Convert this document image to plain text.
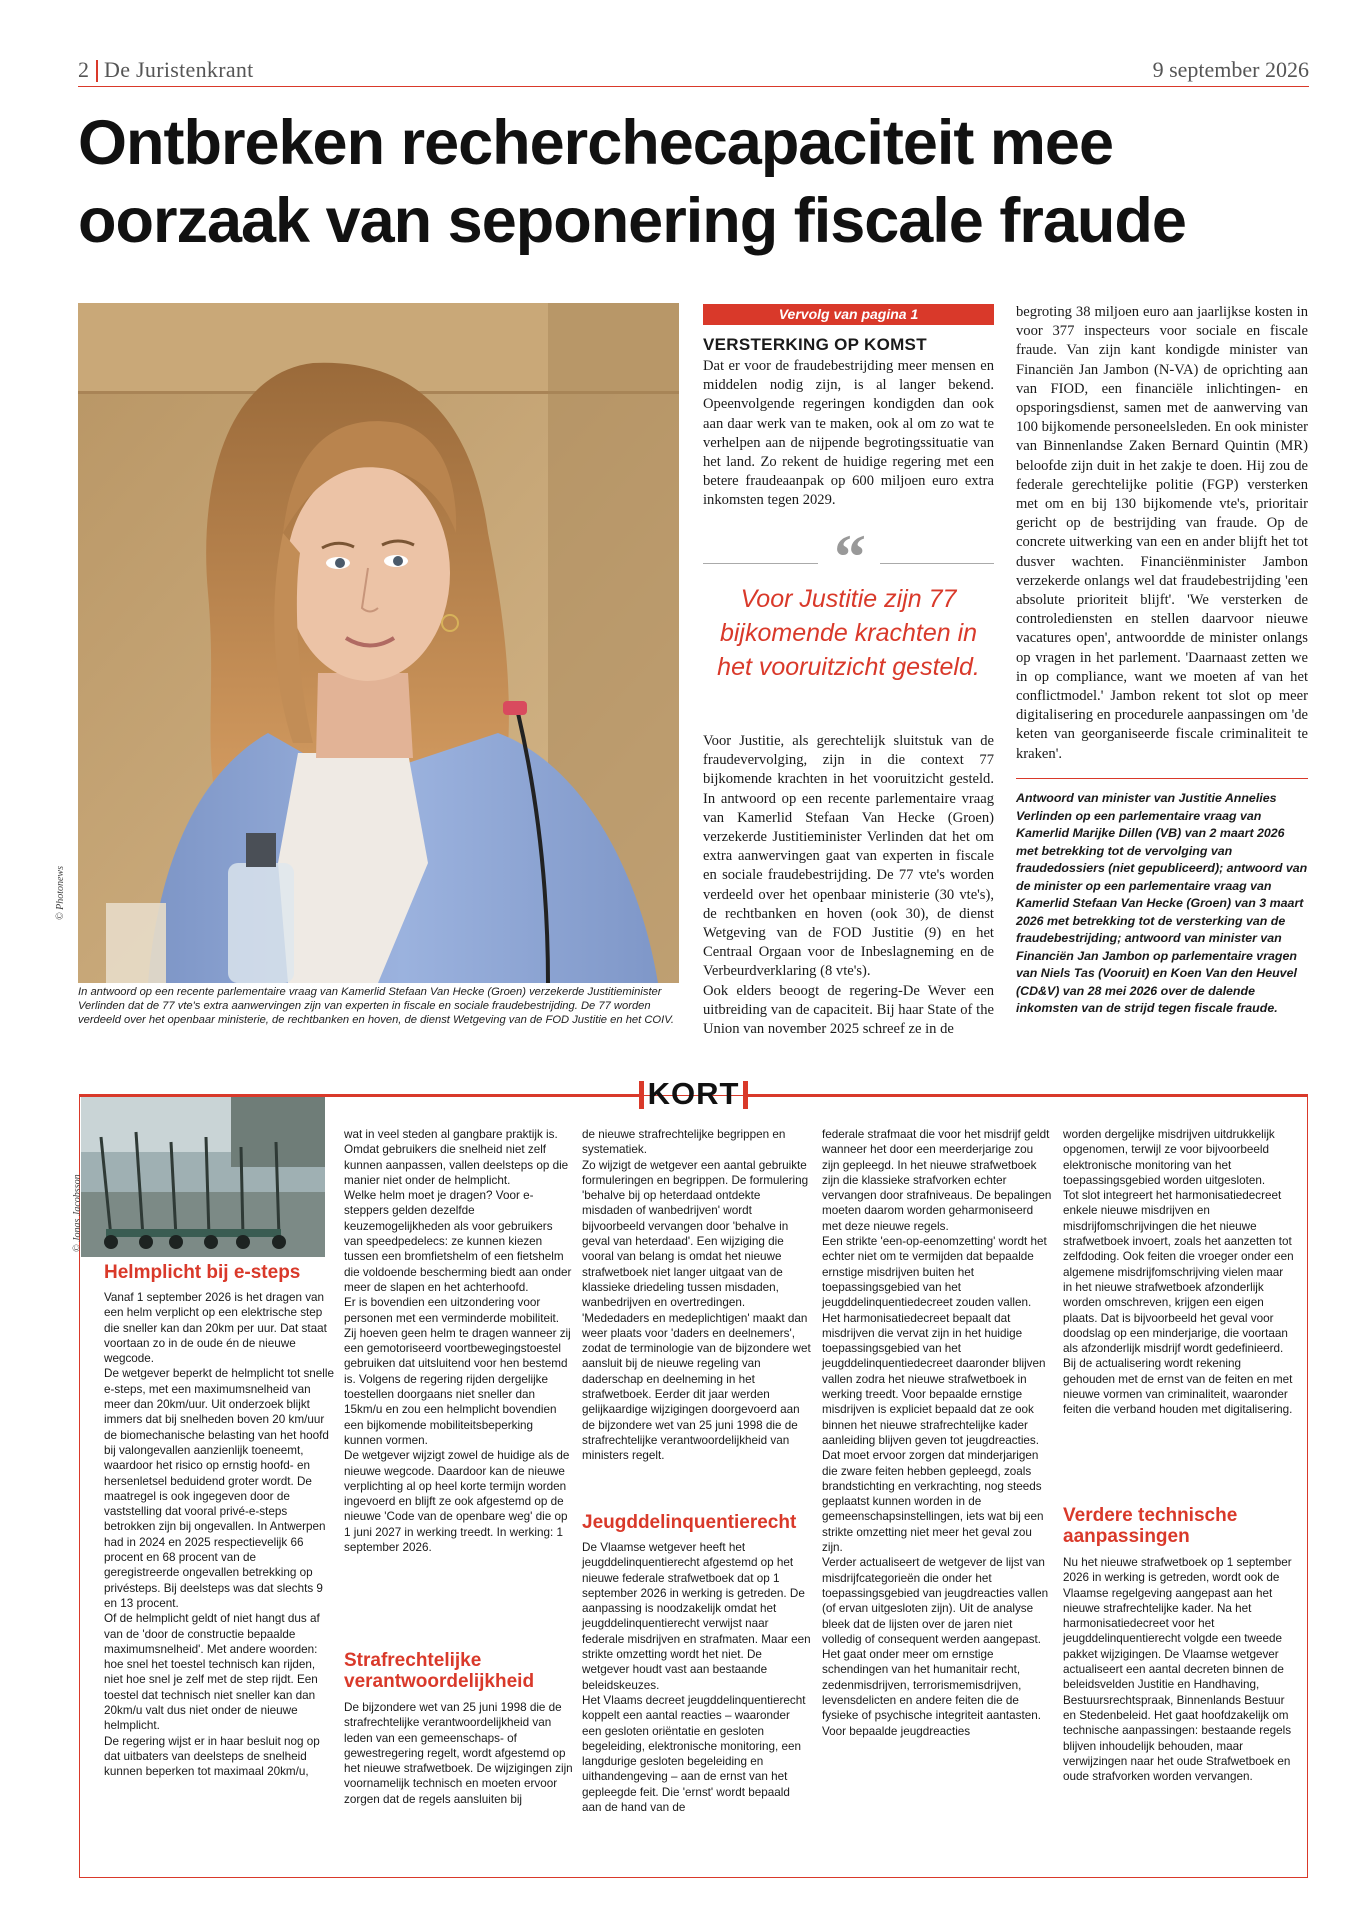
2 De Juristenkrant	9 september 2026
Ontbreken recherchecapaciteit mee oorzaak van seponering fiscale fraude
© Photonews
In antwoord op een recente parlementaire vraag van Kamerlid Stefaan Van Hecke (Groen) verzekerde Justitieminister Verlinden dat de 77 vte's extra aanwervingen zijn van experten in fiscale en sociale fraudebestrijding. De 77 worden verdeeld over het openbaar ministerie, de rechtbanken en hoven, de dienst Wetgeving van de FOD Justitie en het COIV.
Vervolg van pagina 1
VERSTERKING OP KOMST

Dat er voor de fraudebestrijding meer mensen en middelen nodig zijn, is al langer bekend. Opeenvolgende regeringen kondigden dan ook aan daar werk van te maken, ook al om zo wat te verhelpen aan de nijpende begrotingssituatie van het land. Zo rekent de huidige regering met een betere fraudeaanpak op 600 miljoen euro extra inkomsten tegen 2029.

“
Voor Justitie zijn 77 bijkomende krachten in het vooruitzicht gesteld.

Voor Justitie, als gerechtelijk sluitstuk van de fraudevervolging, zijn in die context 77 bijkomende krachten in het vooruitzicht gesteld. In antwoord op een recente parlementaire vraag van Kamerlid Stefaan Van Hecke (Groen) verzekerde Justitieminister Verlinden dat het om extra aanwervingen gaat van experten in fiscale en sociale fraudebestrijding. De 77 vte's worden verdeeld over het openbaar ministerie (30 vte's), de rechtbanken en hoven (ook 30), de dienst Wetgeving van de FOD Justitie (9) en het Centraal Orgaan voor de Inbeslagneming en de Verbeurdverklaring (8 vte's).

Ook elders beoogt de regering-De Wever een uitbreiding van de capaciteit. Bij haar State of the Union van november 2025 schreef ze in de

begroting 38 miljoen euro aan jaarlijkse kosten in voor 377 inspecteurs voor sociale en fiscale fraude. Van zijn kant kondigde minister van Financiën Jan Jambon (N-VA) de oprichting aan van FIOD, een financiële inlichtingen- en opsporingsdienst, samen met de aanwerving van 100 bijkomende personeelsleden. En ook minister van Binnenlandse Zaken Bernard Quintin (MR) beloofde zijn duit in het zakje te doen. Hij zou de federale gerechtelijke politie (FGP) versterken met om en bij 130 bijkomende vte's, prioritair gericht op de bestrijding van fraude. Op de concrete uitwerking van een en ander blijft het tot dusver wachten. Financiënminister Jambon verzekerde onlangs wel dat fraudebestrijding 'een absolute prioriteit blijft'. 'We versterken de controlediensten en stellen daarvoor nieuwe vacatures open', antwoordde de minister onlangs op vragen in het parlement. 'Daarnaast zetten we in op compliance, want we moeten af van het conflictmodel.' Jambon rekent tot slot op meer digitalisering en procedurele aanpassingen om 'de keten van georganiseerde fiscale criminaliteit te kraken'.

Antwoord van minister van Justitie Annelies Verlinden op een parlementaire vraag van Kamerlid Marijke Dillen (VB) van 2 maart 2026 met betrekking tot de vervolging van fraudedossiers (niet gepubliceerd); antwoord van de minister op een parlementaire vraag van Kamerlid Stefaan Van Hecke (Groen) van 3 maart 2026 met betrekking tot de versterking van de fraudebestrijding; antwoord van minister van Financiën Jan Jambon op parlementaire vragen van Niels Tas (Vooruit) en Koen Van den Heuvel (CD&V) van 28 mei 2026 over de dalende inkomsten van de strijd tegen fiscale fraude.
KORT
© Jonas Jacobsson
Helmplicht bij e-steps

Vanaf 1 september 2026 is het dragen van een helm verplicht op een elektrische step die sneller kan dan 20km per uur. Dat staat voortaan zo in de oude én de nieuwe wegcode.

De wetgever beperkt de helmplicht tot snelle e-steps, met een maximumsnelheid van meer dan 20km/uur. Uit onderzoek blijkt immers dat bij snelheden boven 20 km/uur de biomechanische belasting van het hoofd bij valongevallen aanzienlijk toeneemt, waardoor het risico op ernstig hoofd- en hersenletsel beduidend groter wordt. De maatregel is ook ingegeven door de vaststelling dat vooral privé-e-steps betrokken zijn bij ongevallen. In Antwerpen had in 2024 en 2025 respectievelijk 66 procent en 68 procent van de geregistreerde ongevallen betrekking op privésteps. Bij deelsteps was dat slechts 9 en 13 procent.

Of de helmplicht geldt of niet hangt dus af van de 'door de constructie bepaalde maximumsnelheid'. Met andere woorden: hoe snel het toestel technisch kan rijden, niet hoe snel je zelf met de step rijdt. Een toestel dat technisch niet sneller kan dan 20km/u valt dus niet onder de nieuwe helmplicht.

De regering wijst er in haar besluit nog op dat uitbaters van deelsteps de snelheid kunnen beperken tot maximaal 20km/u,

wat in veel steden al gangbare praktijk is. Omdat gebruikers die snelheid niet zelf kunnen aanpassen, vallen deelsteps op die manier niet onder de helmplicht.

Welke helm moet je dragen? Voor e-steppers gelden dezelfde keuzemogelijkheden als voor gebruikers van speedpedelecs: ze kunnen kiezen tussen een bromfietshelm of een fietshelm die voldoende bescherming biedt aan onder meer de slapen en het achterhoofd.

Er is bovendien een uitzondering voor personen met een verminderde mobiliteit. Zij hoeven geen helm te dragen wanneer zij een gemotoriseerd voortbewegingstoestel gebruiken dat uitsluitend voor hen bestemd is. Volgens de regering rijden dergelijke toestellen doorgaans niet sneller dan 15km/u en zou een helmplicht bovendien een bijkomende mobiliteitsbeperking kunnen vormen.

De wetgever wijzigt zowel de huidige als de nieuwe wegcode. Daardoor kan de nieuwe verplichting al op heel korte termijn worden ingevoerd en blijft ze ook afgestemd op de nieuwe 'Code van de openbare weg' die op 1 juni 2027 in werking treedt. In werking: 1 september 2026.

Strafrechtelijke verantwoordelijkheid

De bijzondere wet van 25 juni 1998 die de strafrechtelijke verantwoordelijkheid van leden van een gemeenschaps- of gewestregering regelt, wordt afgestemd op het nieuwe strafwetboek. De wijzigingen zijn voornamelijk technisch en moeten ervoor zorgen dat de regels aansluiten bij

de nieuwe strafrechtelijke begrippen en systematiek.

Zo wijzigt de wetgever een aantal gebruikte formuleringen en begrippen. De formulering 'behalve bij op heterdaad ontdekte misdaden of wanbedrijven' wordt bijvoorbeeld vervangen door 'behalve in geval van heterdaad'. Een wijziging die vooral van belang is omdat het nieuwe strafwetboek niet langer uitgaat van de klassieke driedeling tussen misdaden, wanbedrijven en overtredingen.

'Mededaders en medeplichtigen' maakt dan weer plaats voor 'daders en deelnemers', zodat de terminologie van de bijzondere wet aansluit bij de nieuwe regeling van daderschap en deelneming in het strafwetboek. Eerder dit jaar werden gelijkaardige wijzigingen doorgevoerd aan de bijzondere wet van 25 juni 1998 die de strafrechtelijke verantwoordelijkheid van ministers regelt.

Jeugddelinquentierecht

De Vlaamse wetgever heeft het jeugddelinquentierecht afgestemd op het nieuwe federale strafwetboek dat op 1 september 2026 in werking is getreden. De aanpassing is noodzakelijk omdat het jeugddelinquentierecht verwijst naar federale misdrijven en strafmaten. Maar een strikte omzetting wordt het niet. De wetgever houdt vast aan bestaande beleidskeuzes.

Het Vlaams decreet jeugddelinquentierecht koppelt een aantal reacties – waaronder een gesloten oriëntatie en gesloten begeleiding, elektronische monitoring, een langdurige gesloten begeleiding en uithandengeving – aan de ernst van het gepleegde feit. Die 'ernst' wordt bepaald aan de hand van de

federale strafmaat die voor het misdrijf geldt wanneer het door een meerderjarige zou zijn gepleegd. In het nieuwe strafwetboek zijn die klassieke strafvorken echter vervangen door strafniveaus. De bepalingen moeten daarom worden geharmoniseerd met deze nieuwe regels.

Een strikte 'een-op-eenomzetting' wordt het echter niet om te vermijden dat bepaalde ernstige misdrijven buiten het toepassingsgebied van het jeugddelinquentiedecreet zouden vallen.

Het harmonisatiedecreet bepaalt dat misdrijven die vervat zijn in het huidige toepassingsgebied van het jeugddelinquentiedecreet daaronder blijven vallen zodra het nieuwe strafwetboek in werking treedt. Voor bepaalde ernstige misdrijven is expliciet bepaald dat ze ook binnen het nieuwe strafrechtelijke kader aanleiding blijven geven tot jeugdreacties. Dat moet ervoor zorgen dat minderjarigen die zware feiten hebben gepleegd, zoals brandstichting en verkrachting, nog steeds geplaatst kunnen worden in de gemeenschapsinstellingen, iets wat bij een strikte omzetting niet meer het geval zou zijn.

Verder actualiseert de wetgever de lijst van misdrijfcategorieën die onder het toepassingsgebied van jeugdreacties vallen (of ervan uitgesloten zijn). Uit de analyse bleek dat de lijsten over de jaren niet volledig of consequent werden aangepast. Het gaat onder meer om ernstige schendingen van het humanitair recht, zedenmisdrijven, terrorismemisdrijven, levensdelicten en andere feiten die de fysieke of psychische integriteit aantasten. Voor bepaalde jeugdreacties

worden dergelijke misdrijven uitdrukkelijk opgenomen, terwijl ze voor bijvoorbeeld elektronische monitoring van het toepassingsgebied worden uitgesloten.

Tot slot integreert het harmonisatiedecreet enkele nieuwe misdrijven en misdrijfomschrijvingen die het nieuwe strafwetboek invoert, zoals het aanzetten tot zelfdoding. Ook feiten die vroeger onder een algemene misdrijfomschrijving vielen maar in het nieuwe strafwetboek afzonderlijk worden omschreven, krijgen een eigen plaats. Dat is bijvoorbeeld het geval voor doodslag op een minderjarige, die voortaan als afzonderlijk misdrijf wordt gedefinieerd. Bij de actualisering wordt rekening gehouden met de ernst van de feiten en met nieuwe vormen van criminaliteit, waaronder feiten die verband houden met digitalisering.

Verdere technische aanpassingen

Nu het nieuwe strafwetboek op 1 september 2026 in werking is getreden, wordt ook de Vlaamse regelgeving aangepast aan het nieuwe strafrechtelijke kader. Na het harmonisatiedecreet voor het jeugddelinquentierecht volgde een tweede pakket wijzigingen. De Vlaamse wetgever actualiseert een aantal decreten binnen de beleidsvelden Justitie en Handhaving, Bestuursrechtspraak, Binnenlands Bestuur en Stedenbeleid. Het gaat hoofdzakelijk om technische aanpassingen: bestaande regels blijven inhoudelijk behouden, maar verwijzingen naar het oude Strafwetboek en oude strafvorken worden vervangen.
